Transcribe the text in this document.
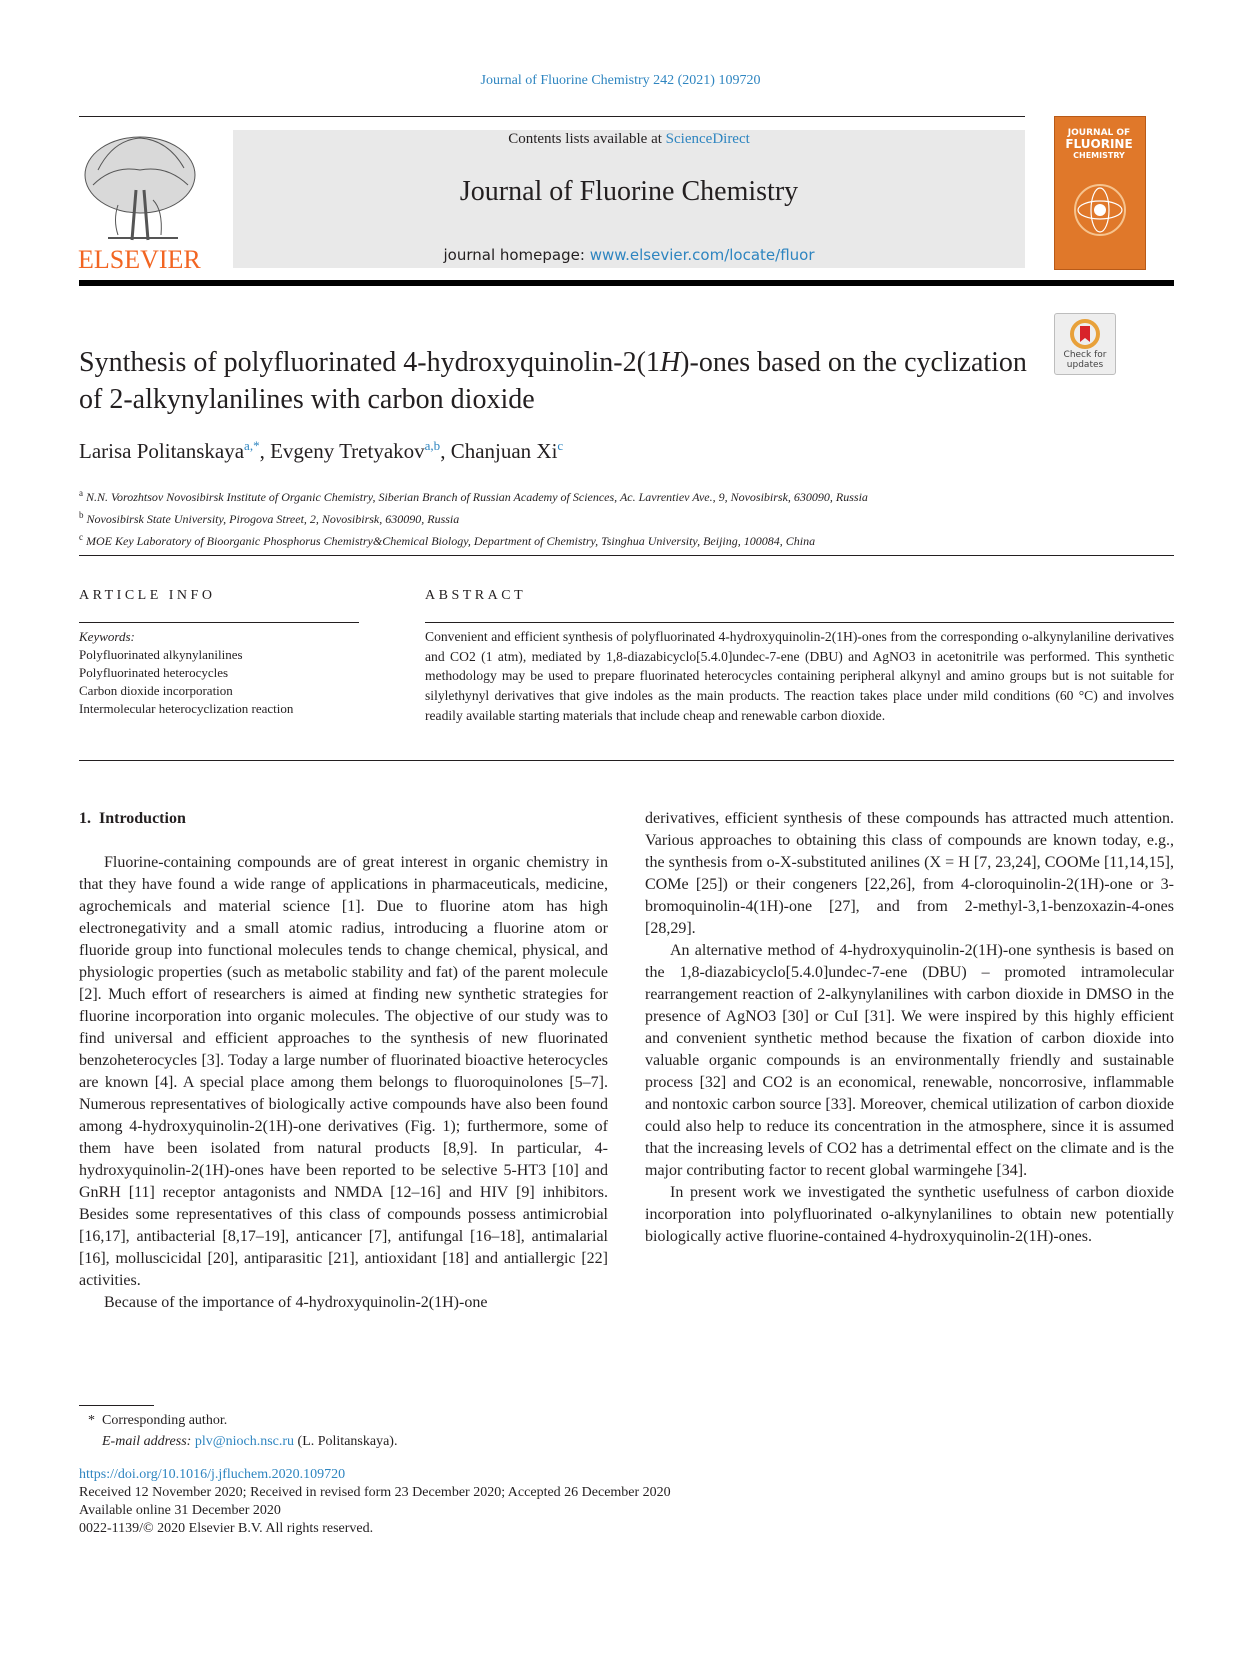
Journal of Fluorine Chemistry 242 (2021) 109720
ELSEVIER
Contents lists available at ScienceDirect
Journal of Fluorine Chemistry
journal homepage: www.elsevier.com/locate/fluor
JOURNAL OF
FLUORINE
CHEMISTRY
Check for updates
Synthesis of polyfluorinated 4-hydroxyquinolin-2(1H)-ones based on the cyclization of 2-alkynylanilines with carbon dioxide
Larisa Politanskaya$^{a,*}$, Evgeny Tretyakov$^{a,b}$, Chanjuan Xi$^c$
$^a$ N.N. Vorozhtsov Novosibirsk Institute of Organic Chemistry, Siberian Branch of Russian Academy of Sciences, Ac. Lavrentiev Ave., 9, Novosibirsk, 630090, Russia
$^b$ Novosibirsk State University, Pirogova Street, 2, Novosibirsk, 630090, Russia
$^c$ MOE Key Laboratory of Bioorganic Phosphorus Chemistry&Chemical Biology, Department of Chemistry, Tsinghua University, Beijing, 100084, China
ARTICLE INFO	ABSTRACT
Keywords:
Polyfluorinated alkynylanilines
Polyfluorinated heterocycles
Carbon dioxide incorporation
Intermolecular heterocyclization reaction
Convenient and efficient synthesis of polyfluorinated 4-hydroxyquinolin-2(1H)-ones from the corresponding o-alkynylaniline derivatives and CO2 (1 atm), mediated by 1,8-diazabicyclo[5.4.0]undec-7-ene (DBU) and AgNO3 in acetonitrile was performed. This synthetic methodology may be used to prepare fluorinated heterocycles containing peripheral alkynyl and amino groups but is not suitable for silylethynyl derivatives that give indoles as the main products. The reaction takes place under mild conditions (60 °C) and involves readily available starting materials that include cheap and renewable carbon dioxide.
1. Introduction

Fluorine-containing compounds are of great interest in organic chemistry in that they have found a wide range of applications in pharmaceuticals, medicine, agrochemicals and material science [1]. Due to fluorine atom has high electronegativity and a small atomic radius, introducing a fluorine atom or fluoride group into functional molecules tends to change chemical, physical, and physiologic properties (such as metabolic stability and fat) of the parent molecule [2]. Much effort of researchers is aimed at finding new synthetic strategies for fluorine incorporation into organic molecules. The objective of our study was to find universal and efficient approaches to the synthesis of new fluorinated benzoheterocycles [3]. Today a large number of fluorinated bioactive heterocycles are known [4]. A special place among them belongs to fluoroquinolones [5–7]. Numerous representatives of biologically active compounds have also been found among 4-hydroxyquinolin-2(1H)-one derivatives (Fig. 1); furthermore, some of them have been isolated from natural products [8,9]. In particular, 4-hydroxyquinolin-2(1H)-ones have been reported to be selective 5-HT3 [10] and GnRH [11] receptor antagonists and NMDA [12–16] and HIV [9] inhibitors. Besides some representatives of this class of compounds possess antimicrobial [16,17], antibacterial [8,17–19], anticancer [7], antifungal [16–18], antimalarial [16], molluscicidal [20], antiparasitic [21], antioxidant [18] and antiallergic [22] activities.

Because of the importance of 4-hydroxyquinolin-2(1H)-one

derivatives, efficient synthesis of these compounds has attracted much attention. Various approaches to obtaining this class of compounds are known today, e.g., the synthesis from o-X-substituted anilines (X = H [7, 23,24], COOMe [11,14,15], COMe [25]) or their congeners [22,26], from 4-cloroquinolin-2(1H)-one or 3-bromoquinolin-4(1H)-one [27], and from 2-methyl-3,1-benzoxazin-4-ones [28,29].

An alternative method of 4-hydroxyquinolin-2(1H)-one synthesis is based on the 1,8-diazabicyclo[5.4.0]undec-7-ene (DBU) – promoted intramolecular rearrangement reaction of 2-alkynylanilines with carbon dioxide in DMSO in the presence of AgNO3 [30] or CuI [31]. We were inspired by this highly efficient and convenient synthetic method because the fixation of carbon dioxide into valuable organic compounds is an environmentally friendly and sustainable process [32] and CO2 is an economical, renewable, noncorrosive, inflammable and nontoxic carbon source [33]. Moreover, chemical utilization of carbon dioxide could also help to reduce its concentration in the atmosphere, since it is assumed that the increasing levels of CO2 has a detrimental effect on the climate and is the major contributing factor to recent global warmingehe [34].

In present work we investigated the synthetic usefulness of carbon dioxide incorporation into polyfluorinated o-alkynylanilines to obtain new potentially biologically active fluorine-contained 4-hydroxyquinolin-2(1H)-ones.

* Corresponding author.
E-mail address: plv@nioch.nsc.ru (L. Politanskaya).
https://doi.org/10.1016/j.jfluchem.2020.109720
Received 12 November 2020; Received in revised form 23 December 2020; Accepted 26 December 2020
Available online 31 December 2020
0022-1139/© 2020 Elsevier B.V. All rights reserved.
